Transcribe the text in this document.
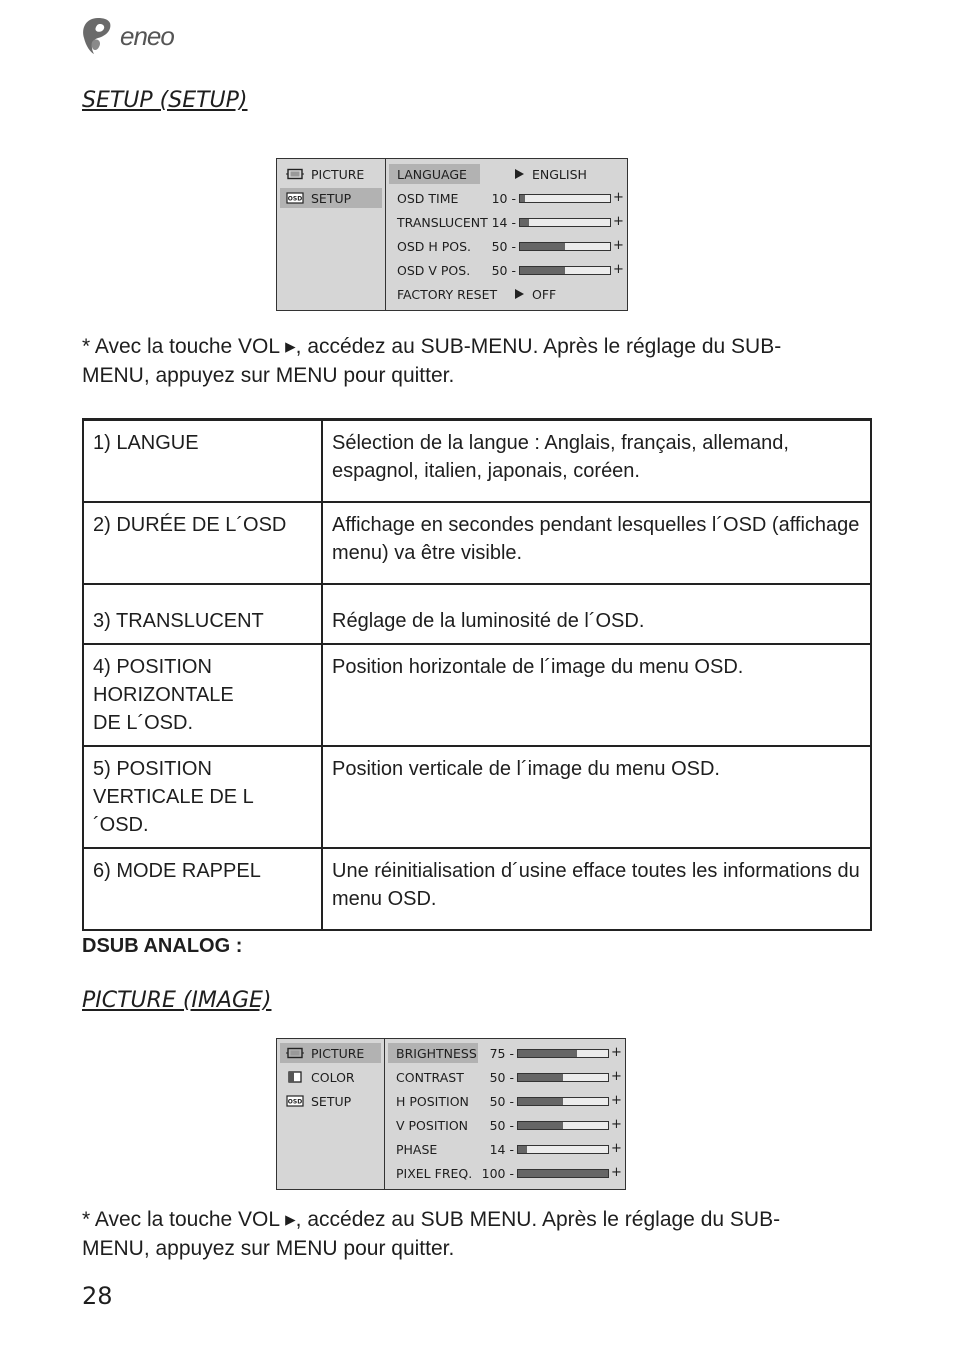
eneo
SETUP (SETUP)
PICTURE
OSD SETUP
LANGUAGE	ENGLISH
OSD TIME	10 -	+
TRANSLUCENT 14 -	+
OSD H POS. 50 -	+
OSD V POS. 50 -	+
FACTORY RESET	OFF
* Avec la touche VOL ▸, accédez au SUB-MENU. Après le réglage du SUB-MENU, appuyez sur MENU pour quitter.
1) LANGUE	Sélection de la langue : Anglais, français, allemand, espagnol, italien, japonais, coréen.
2) DURÉE DE L´OSD	Affichage en secondes pendant lesquelles l´OSD (affichage menu) va être visible.
3) TRANSLUCENT	Réglage de la luminosité de l´OSD.
4) POSITION HORIZONTALE DE L´OSD.	Position horizontale de l´image du menu OSD.
5) POSITION VERTICALE DE L´OSD.	Position verticale de l´image du menu OSD.
6) MODE RAPPEL	Une réinitialisation d´usine efface toutes les informations du menu OSD.
DSUB ANALOG :
PICTURE (IMAGE)
PICTURE
COLOR
OSD SETUP
BRIGHTNESS 75 -	+
CONTRAST 50 -	+
H POSITION 50 -	+
V POSITION 50 -	+
PHASE	14 -	+
PIXEL FREQ. 100 -	+
* Avec la touche VOL ▸, accédez au SUB MENU. Après le réglage du SUB-MENU, appuyez sur MENU pour quitter.
28
